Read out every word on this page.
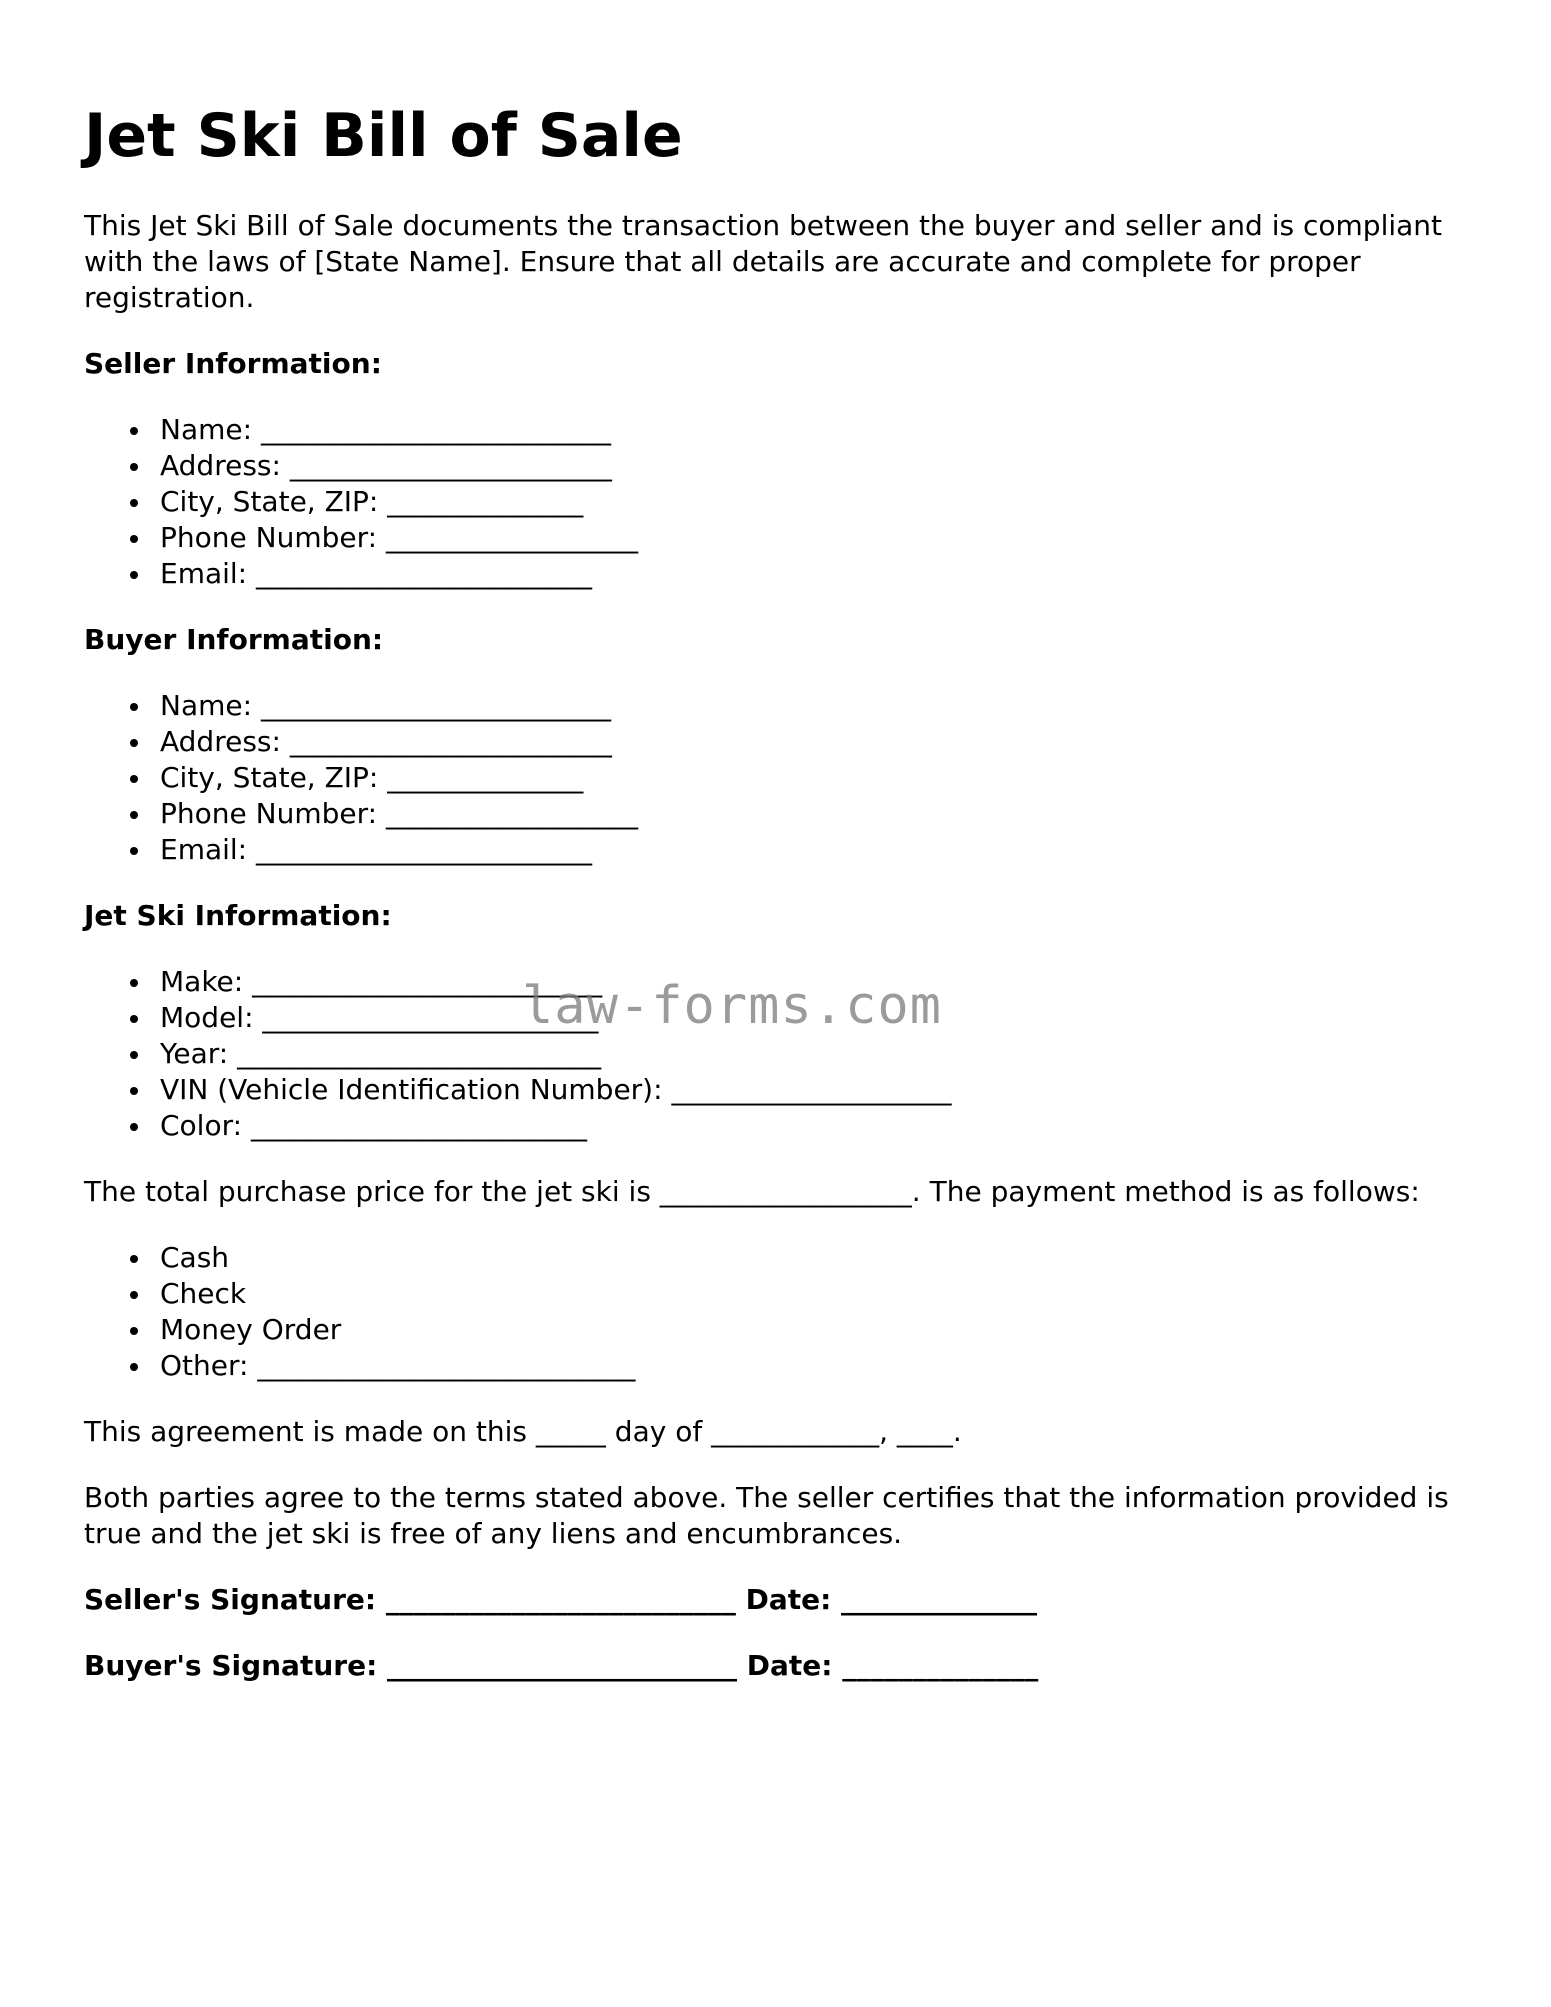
Jet Ski Bill of Sale

This Jet Ski Bill of Sale documents the transaction between the buyer and seller and is compliant with the laws of [State Name]. Ensure that all details are accurate and complete for proper registration.

Seller Information:
Name: _________________________
Address: _______________________
City, State, ZIP: ______________
Phone Number: __________________
Email: ________________________
Buyer Information:
Name: _________________________
Address: _______________________
City, State, ZIP: ______________
Phone Number: __________________
Email: ________________________
Jet Ski Information:
Make: _________________________
Model: ________________________
Year: __________________________
VIN (Vehicle Identification Number): ____________________
Color: ________________________

The total purchase price for the jet ski is __________________. The payment method is as follows:

Cash
Check
Money Order
Other: ___________________________

This agreement is made on this _____ day of ____________, ____.

Both parties agree to the terms stated above. The seller certifies that the information provided is true and the jet ski is free of any liens and encumbrances.

Seller's Signature: _________________________ Date: ______________
Buyer's Signature: _________________________ Date: ______________
law-forms.com
